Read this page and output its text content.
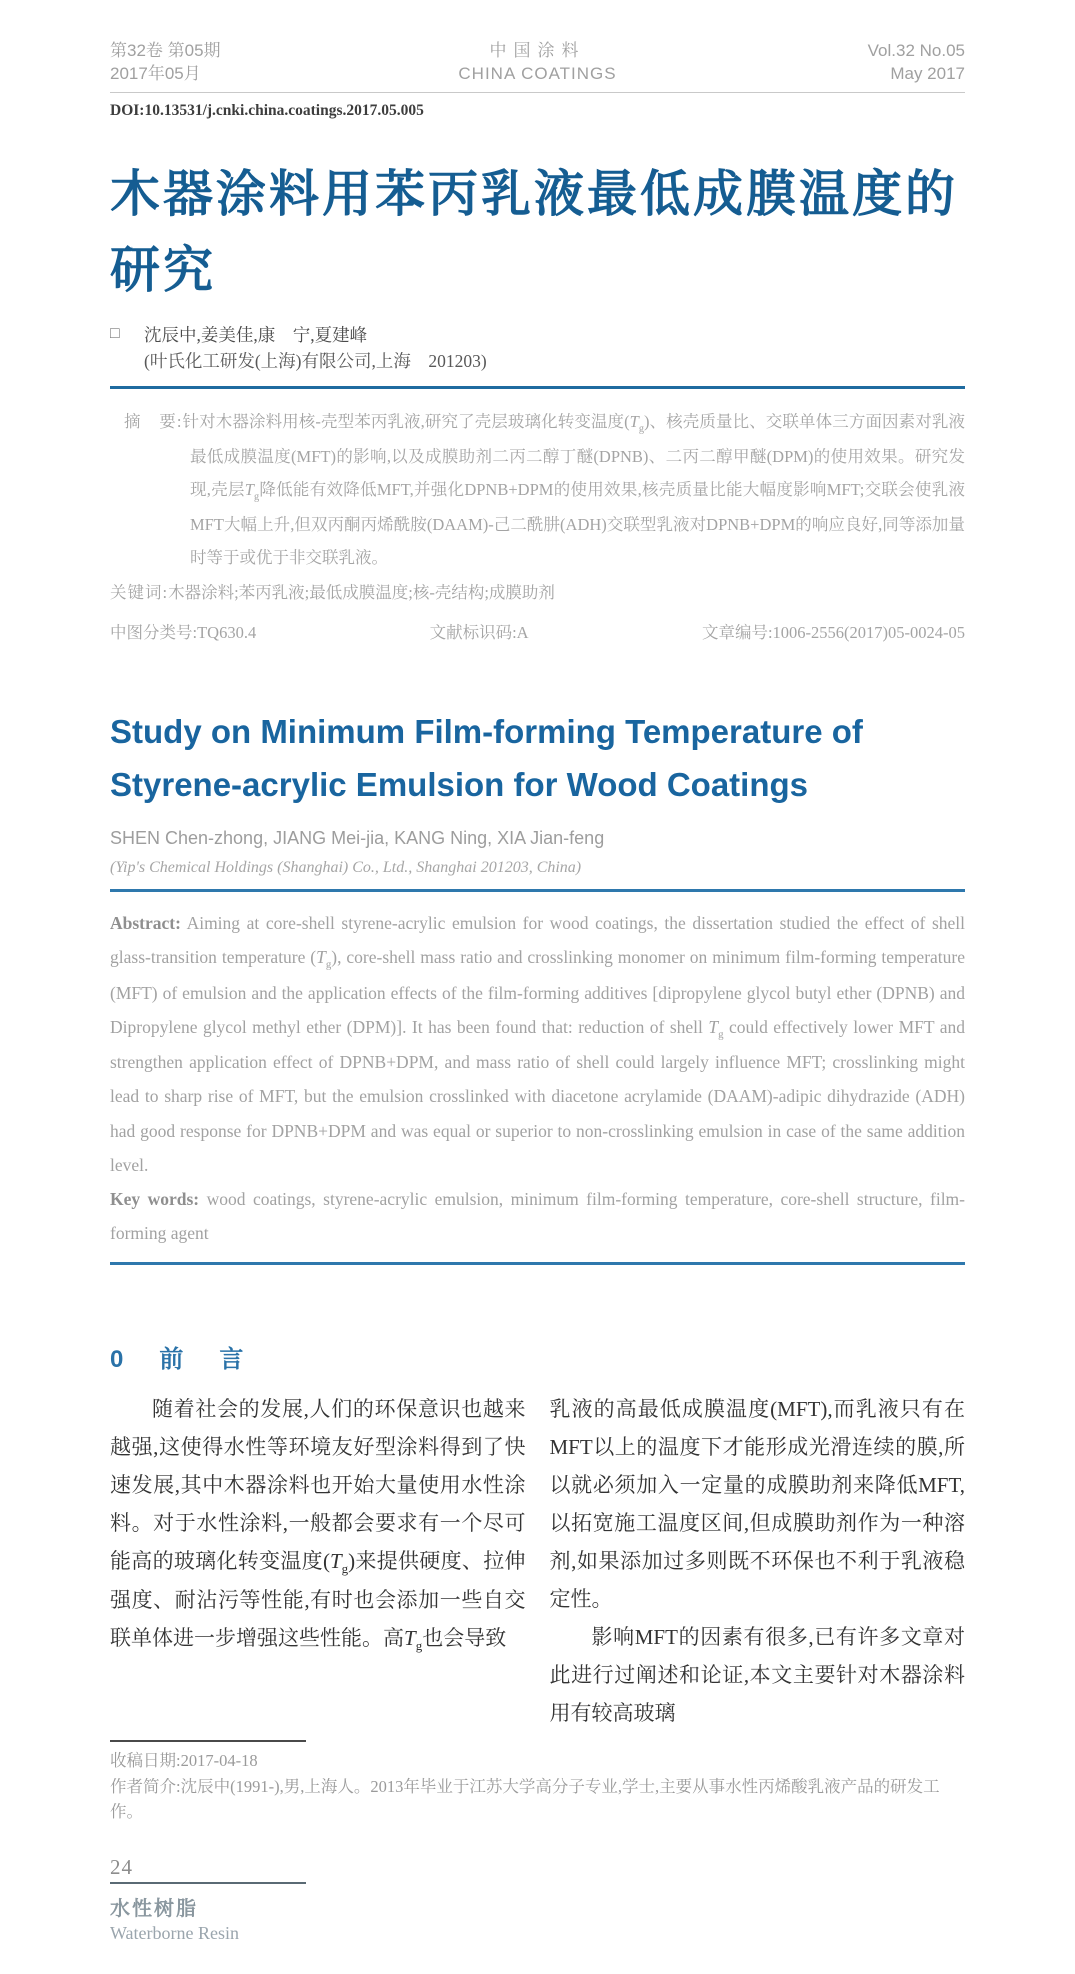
第32卷 第05期
2017年05月
中国涂料
CHINA COATINGS
Vol.32 No.05
May 2017
DOI:10.13531/j.cnki.china.coatings.2017.05.005
木器涂料用苯丙乳液最低成膜温度的
研究
□	沈辰中,姜美佳,康　宁,夏建峰
(叶氏化工研发(上海)有限公司,上海　201203)

摘　要:针对木器涂料用核-壳型苯丙乳液,研究了壳层玻璃化转变温度$(T_g)$、核壳质量比、交联单体三方面因素对乳液最低成膜温度(MFT)的影响,以及成膜助剂二丙二醇丁醚(DPNB)、二丙二醇甲醚(DPM)的使用效果。研究发现,壳层$T_g$降低能有效降低MFT,并强化DPNB+DPM的使用效果,核壳质量比能大幅度影响MFT;交联会使乳液MFT大幅上升,但双丙酮丙烯酰胺(DAAM)-己二酰肼(ADH)交联型乳液对DPNB+DPM的响应良好,同等添加量时等于或优于非交联乳液。

关键词:木器涂料;苯丙乳液;最低成膜温度;核-壳结构;成膜助剂

中图分类号:TQ630.4	文献标识码:A	文章编号:1006-2556(2017)05-0024-05
Study on Minimum Film-forming Temperature of
Styrene-acrylic Emulsion for Wood Coatings
SHEN Chen-zhong, JIANG Mei-jia, KANG Ning, XIA Jian-feng
(Yip's Chemical Holdings (Shanghai) Co., Ltd., Shanghai 201203, China)

Abstract: Aiming at core-shell styrene-acrylic emulsion for wood coatings, the dissertation studied the effect of shell glass-transition temperature $(T_g)$, core-shell mass ratio and crosslinking monomer on minimum film-forming temperature (MFT) of emulsion and the application effects of the film-forming additives [dipropylene glycol butyl ether (DPNB) and Dipropylene glycol methyl ether (DPM)]. It has been found that: reduction of shell $T_g$ could effectively lower MFT and strengthen application effect of DPNB+DPM, and mass ratio of shell could largely influence MFT; crosslinking might lead to sharp rise of MFT, but the emulsion crosslinked with diacetone acrylamide (DAAM)-adipic dihydrazide (ADH) had good response for DPNB+DPM and was equal or superior to non-crosslinking emulsion in case of the same addition level.

Key words: wood coatings, styrene-acrylic emulsion, minimum film-forming temperature, core-shell structure, film-forming agent

0　前　言

随着社会的发展,人们的环保意识也越来越强,这使得水性等环境友好型涂料得到了快速发展,其中木器涂料也开始大量使用水性涂料。对于水性涂料,一般都会要求有一个尽可能高的玻璃化转变温度$(T_g)$来提供硬度、拉伸强度、耐沾污等性能,有时也会添加一些自交联单体进一步增强这些性能。高$T_g$也会导致

乳液的高最低成膜温度(MFT),而乳液只有在MFT以上的温度下才能形成光滑连续的膜,所以就必须加入一定量的成膜助剂来降低MFT,以拓宽施工温度区间,但成膜助剂作为一种溶剂,如果添加过多则既不环保也不利于乳液稳定性。

影响MFT的因素有很多,已有许多文章对此进行过阐述和论证,本文主要针对木器涂料用有较高玻璃

收稿日期:2017-04-18
作者简介:沈辰中(1991-),男,上海人。2013年毕业于江苏大学高分子专业,学士,主要从事水性丙烯酸乳液产品的研发工作。
24
水性树脂
Waterborne Resin
